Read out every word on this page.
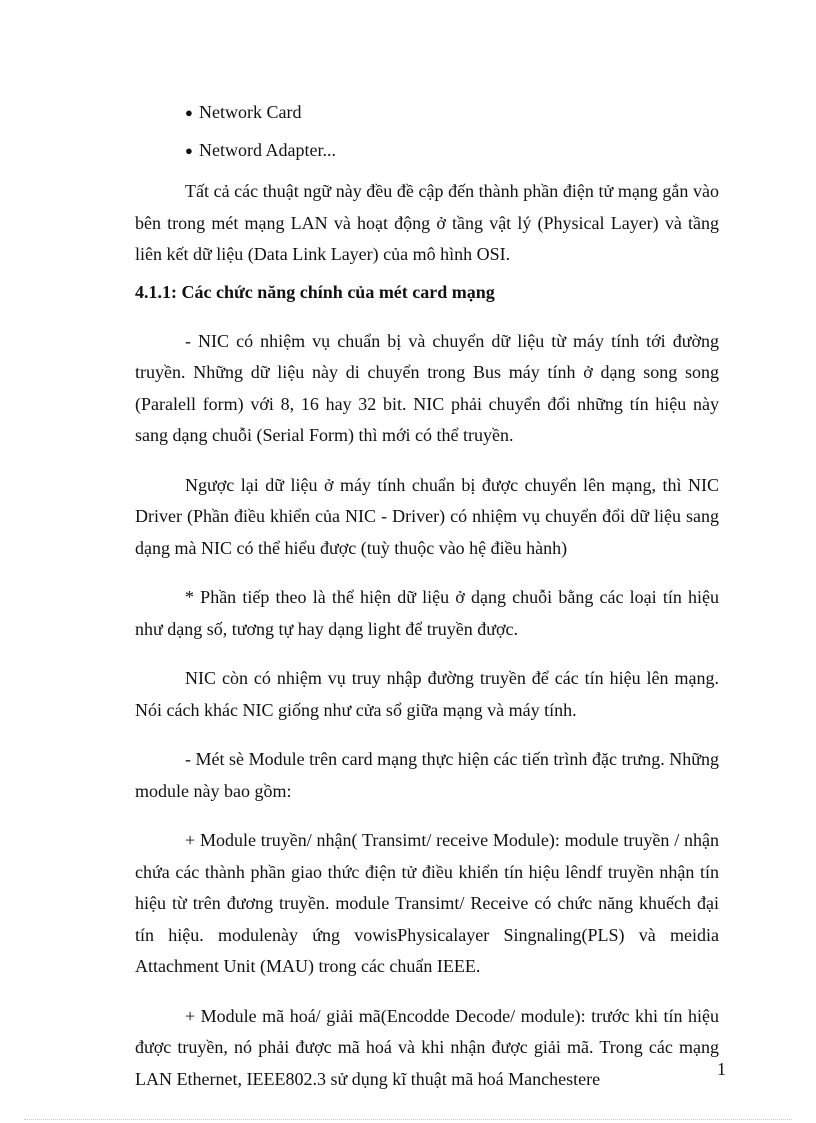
● Network Card
● Netword Adapter...

Tất cả các thuật ngữ này đều đề cập đến thành phần điện tử mạng gắn vào bên trong mét mạng LAN và hoạt động ở tầng vật lý (Physical Layer) và tầng liên kết dữ liệu (Data Link Layer) của mô hình OSI.

4.1.1: Các chức năng chính của mét card mạng

- NIC có nhiệm vụ chuẩn bị và chuyển dữ liệu từ máy tính tới đường truyền. Những dữ liệu này di chuyển trong Bus máy tính ở dạng song song (Paralell form) với 8, 16 hay 32 bit. NIC phải chuyển đổi những tín hiệu này sang dạng chuỗi (Serial Form) thì mới có thể truyền.

Ngược lại dữ liệu ở máy tính chuẩn bị được chuyển lên mạng, thì NIC Driver (Phần điều khiển của NIC - Driver) có nhiệm vụ chuyển đổi dữ liệu sang dạng mà NIC có thể hiểu được (tuỳ thuộc vào hệ điều hành)

* Phần tiếp theo là thể hiện dữ liệu ở dạng chuỗi bằng các loại tín hiệu như dạng số, tương tự hay dạng light để truyền được.

NIC còn có nhiệm vụ truy nhập đường truyền để các tín hiệu lên mạng. Nói cách khác NIC giống như cửa sổ giữa mạng và máy tính.

- Mét sè Module trên card mạng thực hiện các tiến trình đặc trưng. Những module này bao gồm:

+ Module truyền/ nhận( Transimt/ receive Module): module truyền / nhận chứa các thành phần giao thức điện tử điều khiển tín hiệu lêndf truyền nhận tín hiệu từ trên đương truyền. module Transimt/ Receive có chức năng khuếch đại tín hiệu. modulenày ứng vowisPhysicalayer Singnaling(PLS) và meidia Attachment Unit (MAU) trong các chuẩn IEEE.

+ Module mã hoá/ giải mã(Encodde Decode/ module): trước khi tín hiệu được truyền, nó phải được mã hoá và khi nhận được giải mã. Trong các mạng LAN Ethernet, IEEE802.3 sử dụng kĩ thuật mã hoá Manchestere	1
